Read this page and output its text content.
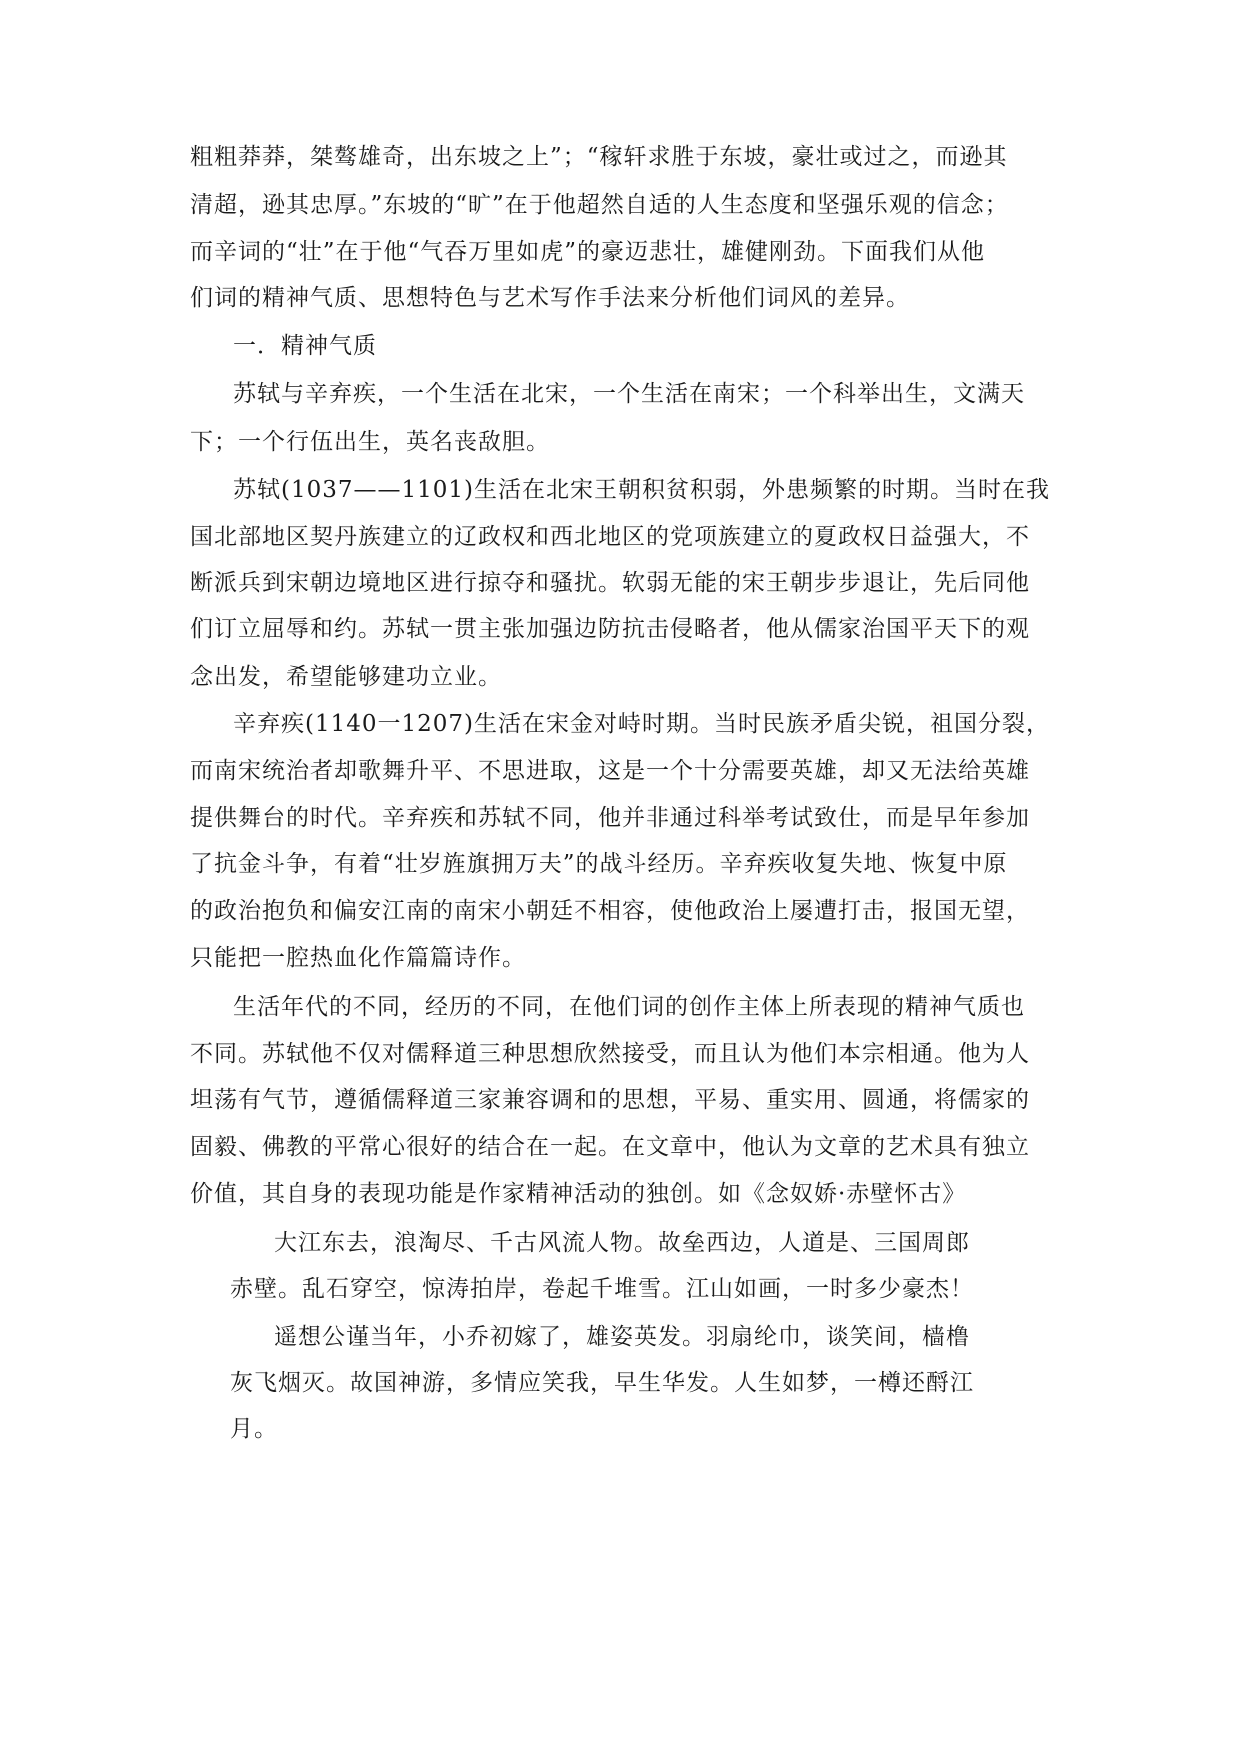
粗粗莽莽，桀骜雄奇，出东坡之上”；“稼轩求胜于东坡，豪壮或过之，而逊其
清超，逊其忠厚。”东坡的“旷”在于他超然自适的人生态度和坚强乐观的信念；
而辛词的“壮”在于他“气吞万里如虎”的豪迈悲壮，雄健刚劲。下面我们从他
们词的精神气质、思想特色与艺术写作手法来分析他们词风的差异。
一．精神气质
苏轼与辛弃疾，一个生活在北宋，一个生活在南宋；一个科举出生，文满天
下；一个行伍出生，英名丧敌胆。
苏轼(1037——1101)生活在北宋王朝积贫积弱，外患频繁的时期。当时在我
国北部地区契丹族建立的辽政权和西北地区的党项族建立的夏政权日益强大，不
断派兵到宋朝边境地区进行掠夺和骚扰。软弱无能的宋王朝步步退让，先后同他
们订立屈辱和约。苏轼一贯主张加强边防抗击侵略者，他从儒家治国平天下的观
念出发，希望能够建功立业。
辛弃疾(1140一1207)生活在宋金对峙时期。当时民族矛盾尖锐，祖国分裂，
而南宋统治者却歌舞升平、不思进取，这是一个十分需要英雄，却又无法给英雄
提供舞台的时代。辛弃疾和苏轼不同，他并非通过科举考试致仕，而是早年参加
了抗金斗争，有着“壮岁旌旗拥万夫”的战斗经历。辛弃疾收复失地、恢复中原
的政治抱负和偏安江南的南宋小朝廷不相容，使他政治上屡遭打击，报国无望，
只能把一腔热血化作篇篇诗作。
生活年代的不同，经历的不同，在他们词的创作主体上所表现的精神气质也
不同。苏轼他不仅对儒释道三种思想欣然接受，而且认为他们本宗相通。他为人
坦荡有气节，遵循儒释道三家兼容调和的思想，平易、重实用、圆通，将儒家的
固毅、佛教的平常心很好的结合在一起。在文章中，他认为文章的艺术具有独立
价值，其自身的表现功能是作家精神活动的独创。如《念奴娇·赤壁怀古》
大江东去，浪淘尽、千古风流人物。故垒西边，人道是、三国周郎
赤壁。乱石穿空，惊涛拍岸，卷起千堆雪。江山如画，一时多少豪杰！
遥想公谨当年，小乔初嫁了，雄姿英发。羽扇纶巾，谈笑间，樯橹
灰飞烟灭。故国神游，多情应笑我，早生华发。人生如梦，一樽还酹江
月。
